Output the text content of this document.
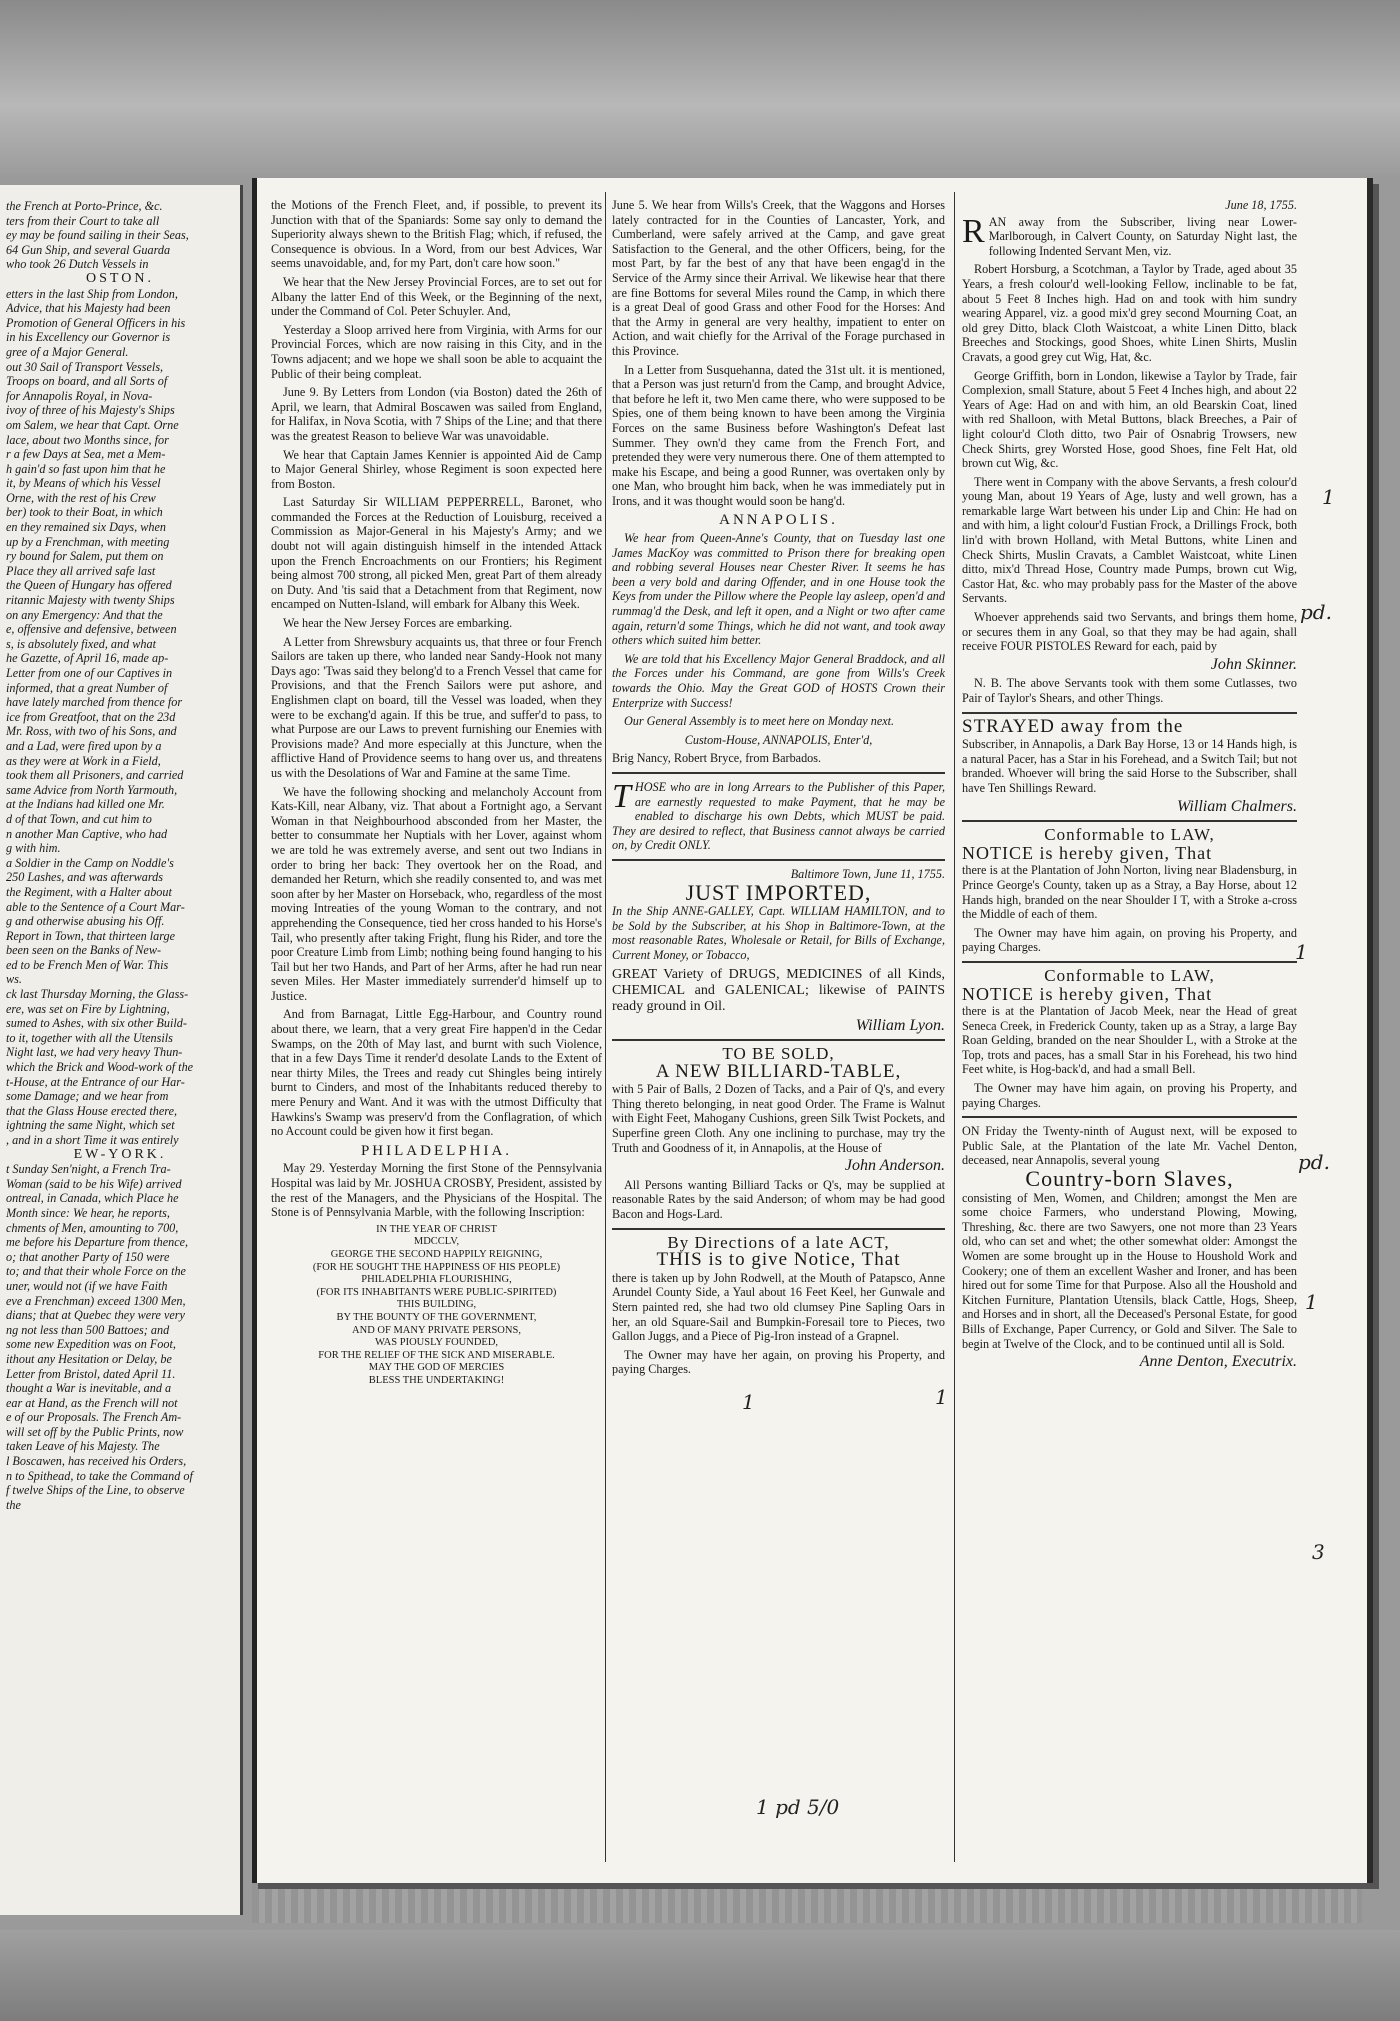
the French at Porto-Prince, &c.
ters from their Court to take all
ey may be found sailing in their Seas,
64 Gun Ship, and several Guarda
who took 26 Dutch Vessels in
OSTON.
etters in the last Ship from London,
Advice, that his Majesty had been
Promotion of General Officers in his
in his Excellency our Governor is
gree of a Major General.
out 30 Sail of Transport Vessels,
Troops on board, and all Sorts of
for Annapolis Royal, in Nova-
ivoy of three of his Majesty's Ships
om Salem, we hear that Capt. Orne
lace, about two Months since, for
r a few Days at Sea, met a Mem-
h gain'd so fast upon him that he
it, by Means of which his Vessel
Orne, with the rest of his Crew
ber) took to their Boat, in which
en they remained six Days, when
up by a Frenchman, with meeting
ry bound for Salem, put them on
Place they all arrived safe last
the Queen of Hungary has offered
ritannic Majesty with twenty Ships
on any Emergency: And that the
e, offensive and defensive, between
s, is absolutely fixed, and what
he Gazette, of April 16, made ap-
Letter from one of our Captives in
informed, that a great Number of
have lately marched from thence for
ice from Greatfoot, that on the 23d
Mr. Ross, with two of his Sons, and
and a Lad, were fired upon by a
as they were at Work in a Field,
took them all Prisoners, and carried
same Advice from North Yarmouth,
at the Indians had killed one Mr.
d of that Town, and cut him to
n another Man Captive, who had
g with him.
a Soldier in the Camp on Noddle's
250 Lashes, and was afterwards
the Regiment, with a Halter about
able to the Sentence of a Court Mar-
g and otherwise abusing his Off.
Report in Town, that thirteen large
been seen on the Banks of New-
ed to be French Men of War. This
ws.
ck last Thursday Morning, the Glass-
ere, was set on Fire by Lightning,
sumed to Ashes, with six other Build-
to it, together with all the Utensils
Night last, we had very heavy Thun-
which the Brick and Wood-work of the
t-House, at the Entrance of our Har-
some Damage; and we hear from
that the Glass House erected there,
ightning the same Night, which set
, and in a short Time it was entirely
EW-YORK.
t Sunday Sen'night, a French Tra-
Woman (said to be his Wife) arrived
ontreal, in Canada, which Place he
Month since: We hear, he reports,
chments of Men, amounting to 700,
me before his Departure from thence,
o; that another Party of 150 were
to; and that their whole Force on the
uner, would not (if we have Faith
eve a Frenchman) exceed 1300 Men,
dians; that at Quebec they were very
ng not less than 500 Battoes; and
some new Expedition was on Foot,
ithout any Hesitation or Delay, be
Letter from Bristol, dated April 11.
thought a War is inevitable, and a
ear at Hand, as the French will not
e of our Proposals. The French Am-
will set off by the Public Prints, now
taken Leave of his Majesty. The
l Boscawen, has received his Orders,
n to Spithead, to take the Command of
f twelve Ships of the Line, to observe
the

the Motions of the French Fleet, and, if possible, to prevent its Junction with that of the Spaniards: Some say only to demand the Superiority always shewn to the British Flag; which, if refused, the Consequence is obvious. In a Word, from our best Advices, War seems unavoidable, and, for my Part, don't care how soon."

We hear that the New Jersey Provincial Forces, are to set out for Albany the latter End of this Week, or the Beginning of the next, under the Command of Col. Peter Schuyler. And,

Yesterday a Sloop arrived here from Virginia, with Arms for our Provincial Forces, which are now raising in this City, and in the Towns adjacent; and we hope we shall soon be able to acquaint the Public of their being compleat.

June 9. By Letters from London (via Boston) dated the 26th of April, we learn, that Admiral Boscawen was sailed from England, for Halifax, in Nova Scotia, with 7 Ships of the Line; and that there was the greatest Reason to believe War was unavoidable.

We hear that Captain James Kennier is appointed Aid de Camp to Major General Shirley, whose Regiment is soon expected here from Boston.

Last Saturday Sir WILLIAM PEPPERRELL, Baronet, who commanded the Forces at the Reduction of Louisburg, received a Commission as Major-General in his Majesty's Army; and we doubt not will again distinguish himself in the intended Attack upon the French Encroachments on our Frontiers; his Regiment being almost 700 strong, all picked Men, great Part of them already on Duty. And 'tis said that a Detachment from that Regiment, now encamped on Nutten-Island, will embark for Albany this Week.

We hear the New Jersey Forces are embarking.

A Letter from Shrewsbury acquaints us, that three or four French Sailors are taken up there, who landed near Sandy-Hook not many Days ago: 'Twas said they belong'd to a French Vessel that came for Provisions, and that the French Sailors were put ashore, and Englishmen clapt on board, till the Vessel was loaded, when they were to be exchang'd again. If this be true, and suffer'd to pass, to what Purpose are our Laws to prevent furnishing our Enemies with Provisions made? And more especially at this Juncture, when the afflictive Hand of Providence seems to hang over us, and threatens us with the Desolations of War and Famine at the same Time.

We have the following shocking and melancholy Account from Kats-Kill, near Albany, viz. That about a Fortnight ago, a Servant Woman in that Neighbourhood absconded from her Master, the better to consummate her Nuptials with her Lover, against whom we are told he was extremely averse, and sent out two Indians in order to bring her back: They overtook her on the Road, and demanded her Return, which she readily consented to, and was met soon after by her Master on Horseback, who, regardless of the most moving Intreaties of the young Woman to the contrary, and not apprehending the Consequence, tied her cross handed to his Horse's Tail, who presently after taking Fright, flung his Rider, and tore the poor Creature Limb from Limb; nothing being found hanging to his Tail but her two Hands, and Part of her Arms, after he had run near seven Miles. Her Master immediately surrender'd himself up to Justice.

And from Barnagat, Little Egg-Harbour, and Country round about there, we learn, that a very great Fire happen'd in the Cedar Swamps, on the 20th of May last, and burnt with such Violence, that in a few Days Time it render'd desolate Lands to the Extent of near thirty Miles, the Trees and ready cut Shingles being intirely burnt to Cinders, and most of the Inhabitants reduced thereby to mere Penury and Want. And it was with the utmost Difficulty that Hawkins's Swamp was preserv'd from the Conflagration, of which no Account could be given how it first began.

PHILADELPHIA.

May 29. Yesterday Morning the first Stone of the Pennsylvania Hospital was laid by Mr. JOSHUA CROSBY, President, assisted by the rest of the Managers, and the Physicians of the Hospital. The Stone is of Pennsylvania Marble, with the following Inscription:

IN THE YEAR OF CHRIST
MDCCLV,
GEORGE THE SECOND HAPPILY REIGNING,
(FOR HE SOUGHT THE HAPPINESS OF HIS PEOPLE)
PHILADELPHIA FLOURISHING,
(FOR ITS INHABITANTS WERE PUBLIC-SPIRITED)
THIS BUILDING,
BY THE BOUNTY OF THE GOVERNMENT,
AND OF MANY PRIVATE PERSONS,
WAS PIOUSLY FOUNDED,
FOR THE RELIEF OF THE SICK AND MISERABLE.
MAY THE GOD OF MERCIES
BLESS THE UNDERTAKING!

June 5. We hear from Wills's Creek, that the Waggons and Horses lately contracted for in the Counties of Lancaster, York, and Cumberland, were safely arrived at the Camp, and gave great Satisfaction to the General, and the other Officers, being, for the most Part, by far the best of any that have been engag'd in the Service of the Army since their Arrival. We likewise hear that there are fine Bottoms for several Miles round the Camp, in which there is a great Deal of good Grass and other Food for the Horses: And that the Army in general are very healthy, impatient to enter on Action, and wait chiefly for the Arrival of the Forage purchased in this Province.

In a Letter from Susquehanna, dated the 31st ult. it is mentioned, that a Person was just return'd from the Camp, and brought Advice, that before he left it, two Men came there, who were supposed to be Spies, one of them being known to have been among the Virginia Forces on the same Business before Washington's Defeat last Summer. They own'd they came from the French Fort, and pretended they were very numerous there. One of them attempted to make his Escape, and being a good Runner, was overtaken only by one Man, who brought him back, when he was immediately put in Irons, and it was thought would soon be hang'd.

ANNAPOLIS.

We hear from Queen-Anne's County, that on Tuesday last one James MacKoy was committed to Prison there for breaking open and robbing several Houses near Chester River. It seems he has been a very bold and daring Offender, and in one House took the Keys from under the Pillow where the People lay asleep, open'd and rummag'd the Desk, and left it open, and a Night or two after came again, return'd some Things, which he did not want, and took away others which suited him better.

We are told that his Excellency Major General Braddock, and all the Forces under his Command, are gone from Wills's Creek towards the Ohio. May the Great GOD of HOSTS Crown their Enterprize with Success!

Our General Assembly is to meet here on Monday next.

Custom-House, ANNAPOLIS, Enter'd,

Brig Nancy, Robert Bryce, from Barbados.

THOSE who are in long Arrears to the Publisher of this Paper, are earnestly requested to make Payment, that he may be enabled to discharge his own Debts, which MUST be paid. They are desired to reflect, that Business cannot always be carried on, by Credit ONLY.

Baltimore Town, June 11, 1755.

JUST IMPORTED,

In the Ship ANNE-GALLEY, Capt. WILLIAM HAMILTON, and to be Sold by the Subscriber, at his Shop in Baltimore-Town, at the most reasonable Rates, Wholesale or Retail, for Bills of Exchange, Current Money, or Tobacco,

GREAT Variety of DRUGS, MEDICINES of all Kinds, CHEMICAL and GALENICAL; likewise of PAINTS ready ground in Oil.

William Lyon.

TO BE SOLD,
A NEW BILLIARD-TABLE,

with 5 Pair of Balls, 2 Dozen of Tacks, and a Pair of Q's, and every Thing thereto belonging, in neat good Order. The Frame is Walnut with Eight Feet, Mahogany Cushions, green Silk Twist Pockets, and Superfine green Cloth. Any one inclining to purchase, may try the Truth and Goodness of it, in Annapolis, at the House of

John Anderson.

All Persons wanting Billiard Tacks or Q's, may be supplied at reasonable Rates by the said Anderson; of whom may be had good Bacon and Hogs-Lard.

By Directions of a late ACT,
THIS is to give Notice, That

there is taken up by John Rodwell, at the Mouth of Patapsco, Anne Arundel County Side, a Yaul about 16 Feet Keel, her Gunwale and Stern painted red, she had two old clumsey Pine Sapling Oars in her, an old Square-Sail and Bumpkin-Foresail tore to Pieces, two Gallon Juggs, and a Piece of Pig-Iron instead of a Grapnel.

The Owner may have her again, on proving his Property, and paying Charges.

June 18, 1755.

RAN away from the Subscriber, living near Lower-Marlborough, in Calvert County, on Saturday Night last, the following Indented Servant Men, viz.

Robert Horsburg, a Scotchman, a Taylor by Trade, aged about 35 Years, a fresh colour'd well-looking Fellow, inclinable to be fat, about 5 Feet 8 Inches high. Had on and took with him sundry wearing Apparel, viz. a good mix'd grey second Mourning Coat, an old grey Ditto, black Cloth Waistcoat, a white Linen Ditto, black Breeches and Stockings, good Shoes, white Linen Shirts, Muslin Cravats, a good grey cut Wig, Hat, &c.

George Griffith, born in London, likewise a Taylor by Trade, fair Complexion, small Stature, about 5 Feet 4 Inches high, and about 22 Years of Age: Had on and with him, an old Bearskin Coat, lined with red Shalloon, with Metal Buttons, black Breeches, a Pair of light colour'd Cloth ditto, two Pair of Osnabrig Trowsers, new Check Shirts, grey Worsted Hose, good Shoes, fine Felt Hat, old brown cut Wig, &c.

There went in Company with the above Servants, a fresh colour'd young Man, about 19 Years of Age, lusty and well grown, has a remarkable large Wart between his under Lip and Chin: He had on and with him, a light colour'd Fustian Frock, a Drillings Frock, both lin'd with brown Holland, with Metal Buttons, white Linen and Check Shirts, Muslin Cravats, a Camblet Waistcoat, white Linen ditto, mix'd Thread Hose, Country made Pumps, brown cut Wig, Castor Hat, &c. who may probably pass for the Master of the above Servants.

Whoever apprehends said two Servants, and brings them home, or secures them in any Goal, so that they may be had again, shall receive FOUR PISTOLES Reward for each, paid by

John Skinner.

N. B. The above Servants took with them some Cutlasses, two Pair of Taylor's Shears, and other Things.

STRAYED away from the

Subscriber, in Annapolis, a Dark Bay Horse, 13 or 14 Hands high, is a natural Pacer, has a Star in his Forehead, and a Switch Tail; but not branded. Whoever will bring the said Horse to the Subscriber, shall have Ten Shillings Reward.

William Chalmers.

Conformable to LAW,
NOTICE is hereby given, That

there is at the Plantation of John Norton, living near Bladensburg, in Prince George's County, taken up as a Stray, a Bay Horse, about 12 Hands high, branded on the near Shoulder I T, with a Stroke a-cross the Middle of each of them.

The Owner may have him again, on proving his Property, and paying Charges.

Conformable to LAW,
NOTICE is hereby given, That

there is at the Plantation of Jacob Meek, near the Head of great Seneca Creek, in Frederick County, taken up as a Stray, a large Bay Roan Gelding, branded on the near Shoulder L, with a Stroke at the Top, trots and paces, has a small Star in his Forehead, his two hind Feet white, is Hog-back'd, and had a small Bell.

The Owner may have him again, on proving his Property, and paying Charges.

ON Friday the Twenty-ninth of August next, will be exposed to Public Sale, at the Plantation of the late Mr. Vachel Denton, deceased, near Annapolis, several young

Country-born Slaves,

consisting of Men, Women, and Children; amongst the Men are some choice Farmers, who understand Plowing, Mowing, Threshing, &c. there are two Sawyers, one not more than 23 Years old, who can set and whet; the other somewhat older: Amongst the Women are some brought up in the House to Houshold Work and Cookery; one of them an excellent Washer and Ironer, and has been hired out for some Time for that Purpose. Also all the Houshold and Kitchen Furniture, Plantation Utensils, black Cattle, Hogs, Sheep, and Horses and in short, all the Deceased's Personal Estate, for good Bills of Exchange, Paper Currency, or Gold and Silver. The Sale to begin at Twelve of the Clock, and to be continued until all is Sold.

Anne Denton, Executrix.

1
pd.
1
pd.
1
3
1 pd 5/0
1	1
